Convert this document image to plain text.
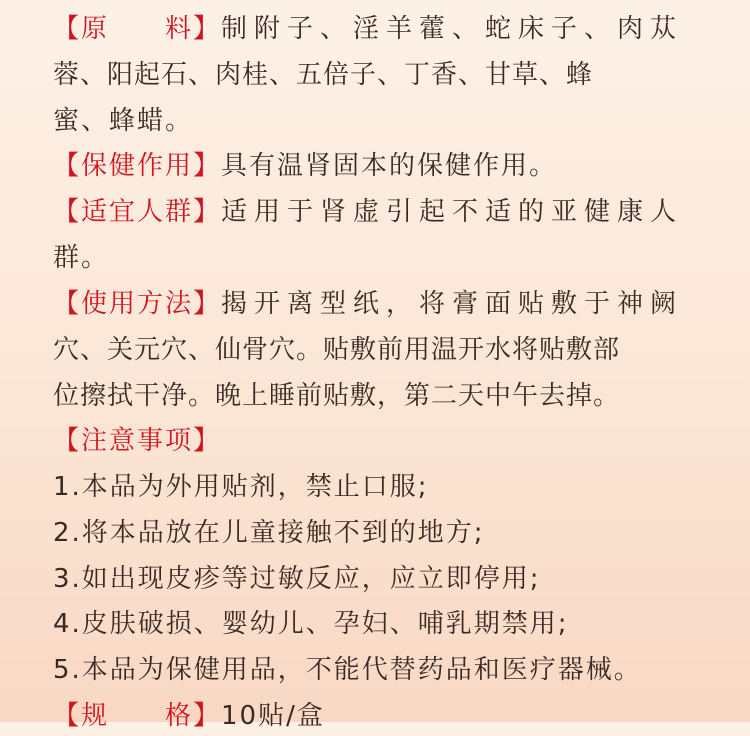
【原　　料】制附子、淫羊藿、蛇床子、肉苁
蓉、阳起石、肉桂、五倍子、丁香、甘草、蜂
蜜、蜂蜡。
【保健作用】具有温肾固本的保健作用。
【适宜人群】适用于肾虚引起不适的亚健康人
群。
【使用方法】揭开离型纸，将膏面贴敷于神阙
穴、关元穴、仙骨穴。贴敷前用温开水将贴敷部
位擦拭干净。晚上睡前贴敷，第二天中午去掉。
【注意事项】
1.本品为外用贴剂，禁止口服;
2.将本品放在儿童接触不到的地方;
3.如出现皮疹等过敏反应，应立即停用;
4.皮肤破损、婴幼儿、孕妇、哺乳期禁用;
5.本品为保健用品，不能代替药品和医疗器械。
【规　　格】10贴/盒
